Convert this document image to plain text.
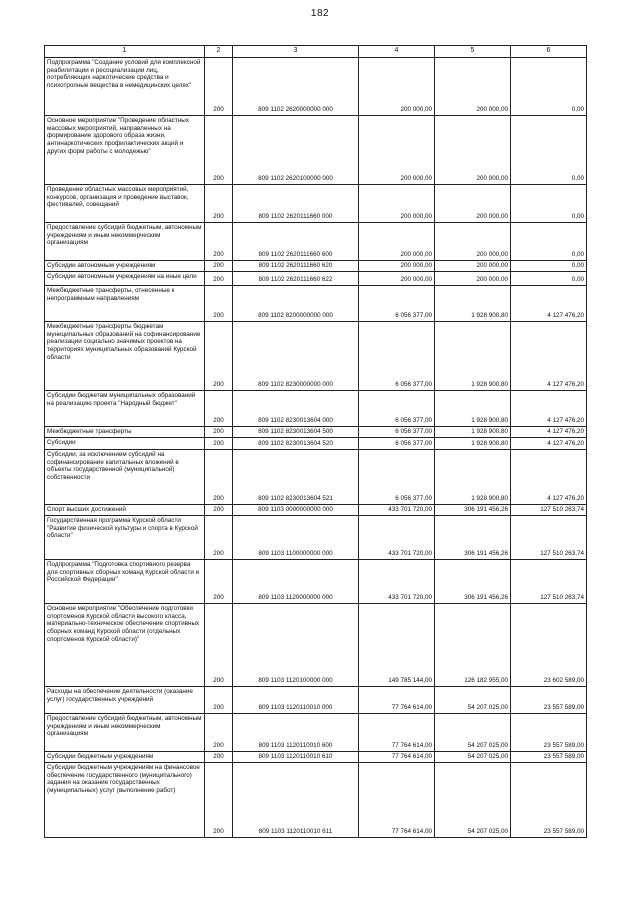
182
1	2	3	4	5	6
Подпрограмма "Создание условий для комплексной реабилитации и ресоциализации лиц, потребляющих наркотические средства и психотропные вещества в немедицинских целях"	200	809 1102 2620000000 000	200 000,00	200 000,00	0,00
Основное мероприятие "Проведение областных массовых мероприятий, направленных на формирование здорового образа жизни, антинаркотических профилактических акций и других форм работы с молодежью"	200	809 1102 2620100000 000	200 000,00	200 000,00	0,00
Проведение областных массовых мероприятий, конкурсов, организация и проведение выставок, фестивалей, совещаний	200	809 1102 2620111660 000	200 000,00	200 000,00	0,00
Предоставление субсидий бюджетным, автономным учреждениям и иным некоммерческим организациям	200	809 1102 2620111660 600	200 000,00	200 000,00	0,00
Субсидии автономным учреждениям	200	809 1102 2620111660 620	200 000,00	200 000,00	0,00
Субсидии автономным учреждениям на иные цели	200	809 1102 2620111660 622	200 000,00	200 000,00	0,00
Межбюджетные трансферты, отнесенные к непрограммным направлениям	200	809 1102 8200000000 000	6 056 377,00	1 928 900,80	4 127 476,20
Межбюджетные трансферты бюджетам муниципальных образований на софинансирование реализации социально значимых проектов на территориях муниципальных образований Курской области	200	809 1102 8230000000 000	6 056 377,00	1 928 900,80	4 127 476,20
Субсидии бюджетам муниципальных образований на реализацию проекта "Народный бюджет"	200	809 1102 8230013604 000	6 056 377,00	1 928 900,80	4 127 476,20
Межбюджетные трансферты	200	809 1102 8230013604 500	6 056 377,00	1 928 900,80	4 127 476,20
Субсидии	200	809 1102 8230013604 520	6 056 377,00	1 928 900,80	4 127 476,20
Субсидии, за исключением субсидий на софинансирование капитальных вложений в объекты государственной (муниципальной) собственности	200	809 1102 8230013604 521	6 056 377,00	1 928 900,80	4 127 476,20
Спорт высших достижений	200	809 1103 0000000000 000	433 701 720,00	306 191 456,26	127 510 263,74
Государственная программа Курской области "Развитие физической культуры и спорта в Курской области"	200	809 1103 1100000000 000	433 701 720,00	306 191 456,26	127 510 263,74
Подпрограмма "Подготовка спортивного резерва для спортивных сборных команд Курской области и Российской Федерации"	200	809 1103 1120000000 000	433 701 720,00	306 191 456,26	127 510 263,74
Основное мероприятие "Обеспечение подготовки спортсменов Курской области высокого класса, материально-техническое обеспечение спортивных сборных команд Курской области (отдельных спортсменов Курской области)"	200	809 1103 1120100000 000	149 785 144,00	126 182 955,00	23 602 589,00
Расходы на обеспечение деятельности (оказание услуг) государственных учреждений	200	809 1103 1120110010 000	77 764 614,00	54 207 025,00	23 557 589,00
Предоставление субсидий бюджетным, автономным учреждениям и иным некоммерческим организациям	200	809 1103 1120110010 600	77 764 614,00	54 207 025,00	23 557 589,00
Субсидии бюджетным учреждениям	200	809 1103 1120110010 610	77 764 614,00	54 207 025,00	23 557 589,00
Субсидии бюджетным учреждениям на финансовое обеспечение государственного (муниципального) задания на оказание государственных (муниципальных) услуг (выполнение работ)	200	809 1103 1120110010 611	77 764 614,00	54 207 025,00	23 557 589,00
